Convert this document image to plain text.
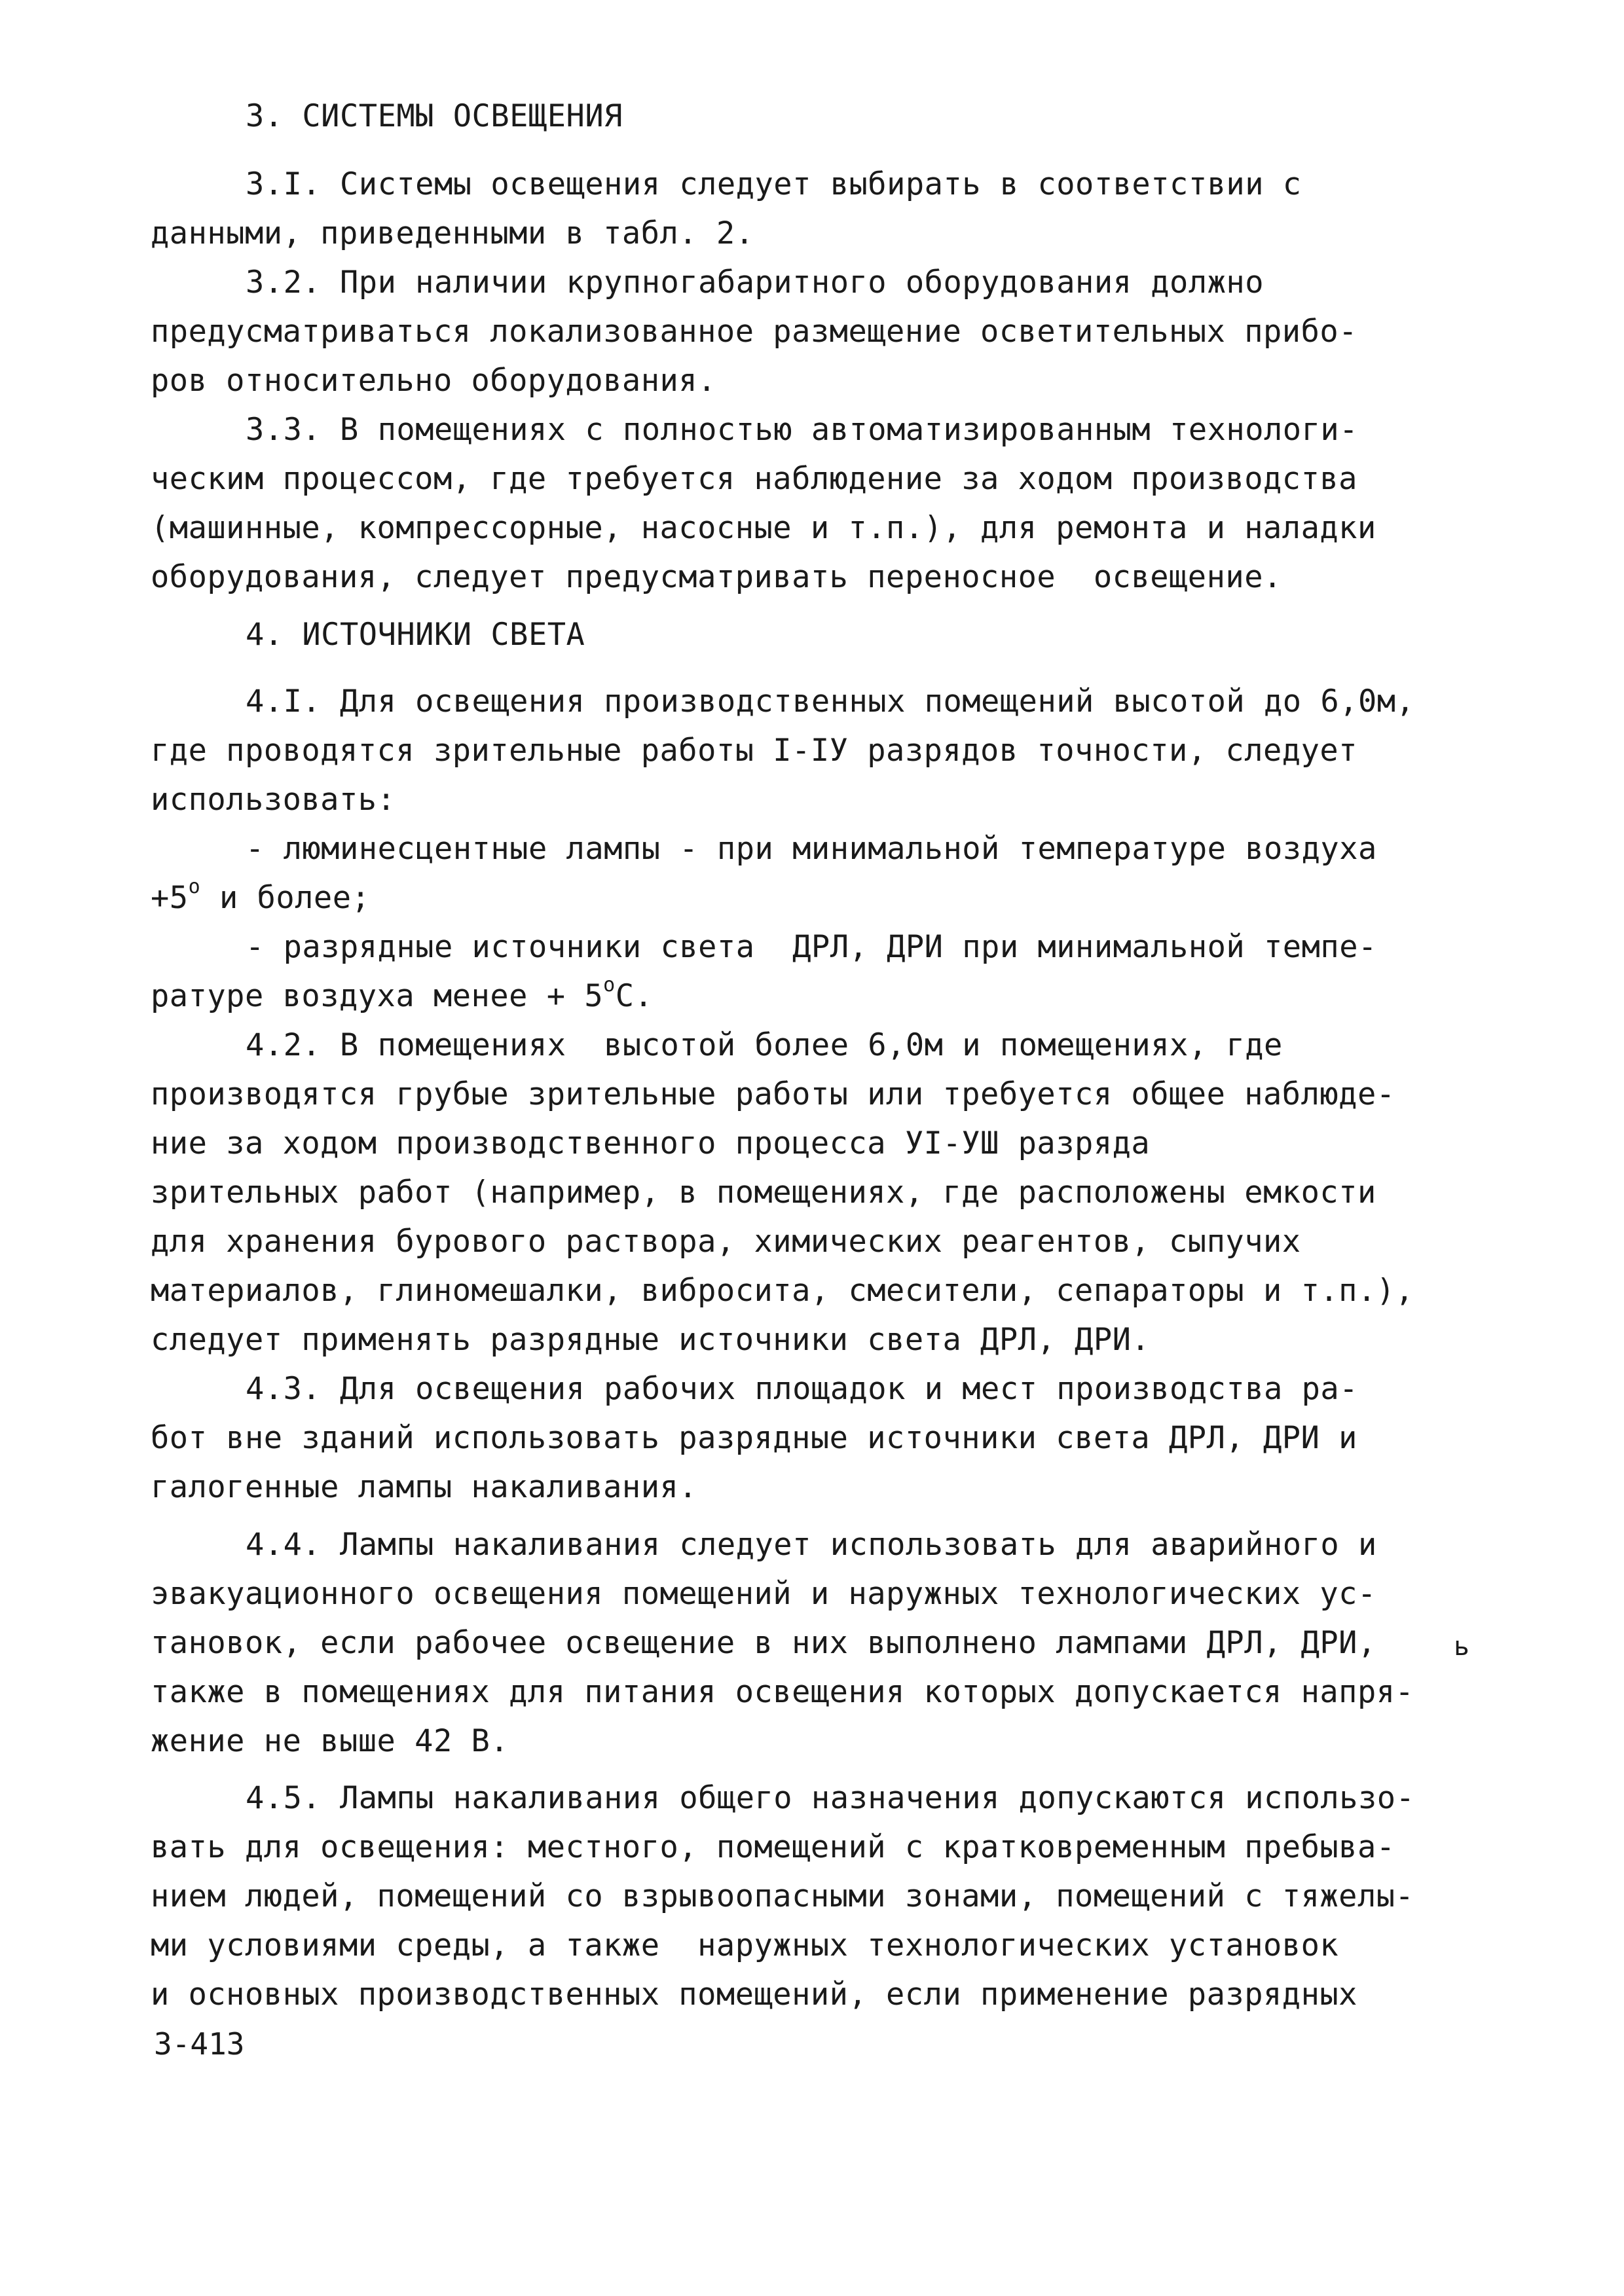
3. СИСТЕМЫ ОСВЕЩЕНИЯ
3.I. Системы освещения следует выбирать в соответствии с
данными, приведенными в табл. 2.
3.2. При наличии крупногабаритного оборудования должно
предусматриваться локализованное размещение осветительных прибо-
ров относительно оборудования.
3.3. В помещениях с полностью автоматизированным технологи-
ческим процессом, где требуется наблюдение за ходом производства
(машинные, компрессорные, насосные и т.п.), для ремонта и наладки
оборудования, следует предусматривать переносное  освещение.
4. ИСТОЧНИКИ СВЕТА
4.I. Для освещения производственных помещений высотой до 6,0м,
где проводятся зрительные работы I-IУ разрядов точности, следует
использовать:
- люминесцентные лампы - при минимальной температуре воздуха
$+5^о$ и более;
- разрядные источники света  ДРЛ, ДРИ при минимальной темпе-
ратуре воздуха менее + $5^оС$.
4.2. В помещениях  высотой более 6,0м и помещениях, где
производятся грубые зрительные работы или требуется общее наблюде-
ние за ходом производственного процесса УI-УШ разряда
зрительных работ (например, в помещениях, где расположены емкости
для хранения бурового раствора, химических реагентов, сыпучих
материалов, глиномешалки, вибросита, смесители, сепараторы и т.п.),
следует применять разрядные источники света ДРЛ, ДРИ.
4.3. Для освещения рабочих площадок и мест производства ра-
бот вне зданий использовать разрядные источники света ДРЛ, ДРИ и
галогенные лампы накаливания.
4.4. Лампы накаливания следует использовать для аварийного и
эвакуационного освещения помещений и наружных технологических ус-
тановок, если рабочее освещение в них выполнено лампами ДРЛ, ДРИ,	ь
также в помещениях для питания освещения которых допускается напря-
жение не выше 42 В.
4.5. Лампы накаливания общего назначения допускаются использо-
вать для освещения: местного, помещений с кратковременным пребыва-
нием людей, помещений со взрывоопасными зонами, помещений с тяжелы-
ми условиями среды, а также  наружных технологических установок
и основных производственных помещений, если применение разрядных
3-413
